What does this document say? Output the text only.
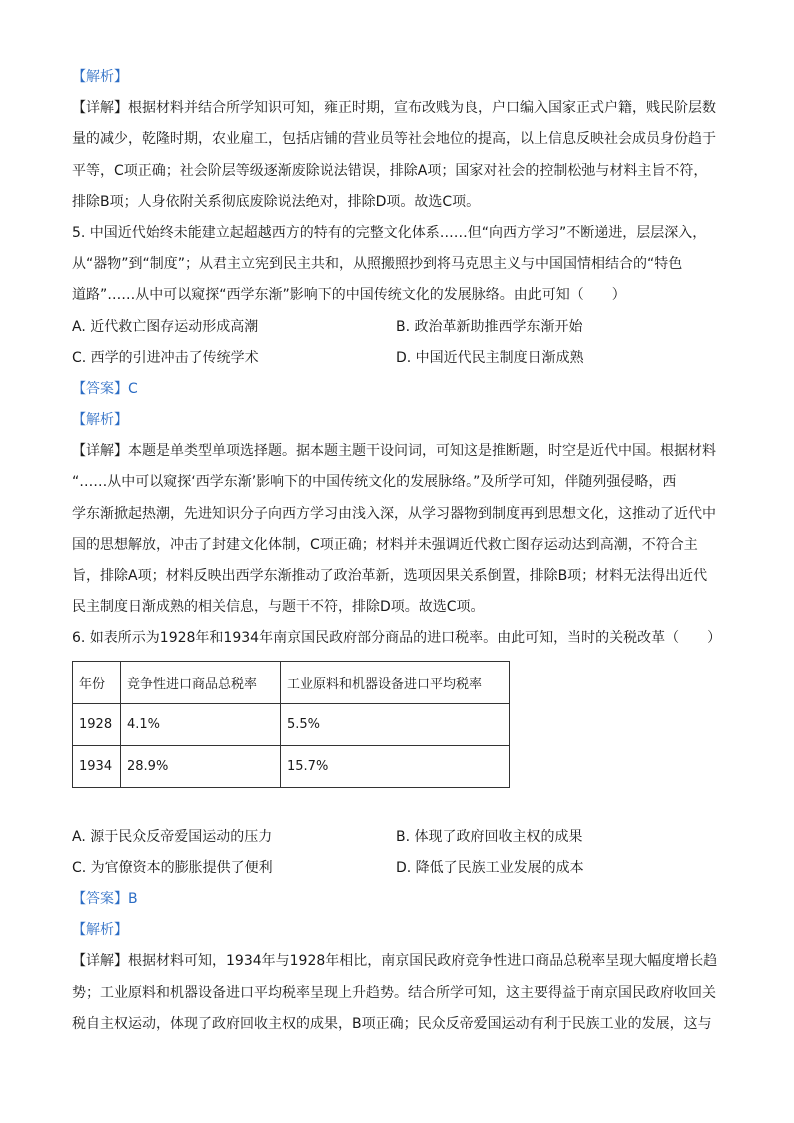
【解析】
【详解】根据材料并结合所学知识可知，雍正时期，宣布改贱为良，户口编入国家正式户籍，贱民阶层数
量的减少，乾隆时期，农业雇工，包括店铺的营业员等社会地位的提高，以上信息反映社会成员身份趋于
平等，C项正确；社会阶层等级逐渐废除说法错误，排除A项；国家对社会的控制松弛与材料主旨不符，
排除B项；人身依附关系彻底废除说法绝对，排除D项。故选C项。
5. 中国近代始终未能建立起超越西方的特有的完整文化体系……但“向西方学习”不断递进，层层深入，
从“器物”到“制度”；从君主立宪到民主共和，从照搬照抄到将马克思主义与中国国情相结合的“特色
道路”……从中可以窥探“西学东渐”影响下的中国传统文化的发展脉络。由此可知（　　）
A. 近代救亡图存运动形成高潮	B. 政治革新助推西学东渐开始
C. 西学的引进冲击了传统学术	D. 中国近代民主制度日渐成熟
【答案】C
【解析】
【详解】本题是单类型单项选择题。据本题主题干设问词，可知这是推断题，时空是近代中国。根据材料
“……从中可以窥探‘西学东渐’影响下的中国传统文化的发展脉络。”及所学可知，伴随列强侵略，西
学东渐掀起热潮，先进知识分子向西方学习由浅入深，从学习器物到制度再到思想文化，这推动了近代中
国的思想解放，冲击了封建文化体制，C项正确；材料并未强调近代救亡图存运动达到高潮，不符合主
旨，排除A项；材料反映出西学东渐推动了政治革新，选项因果关系倒置，排除B项；材料无法得出近代
民主制度日渐成熟的相关信息，与题干不符，排除D项。故选C项。
6. 如表所示为1928年和1934年南京国民政府部分商品的进口税率。由此可知，当时的关税改革（　　）
年份	竞争性进口商品总税率	工业原料和机器设备进口平均税率
1928	4.1%	5.5%
1934	28.9%	15.7%
A. 源于民众反帝爱国运动的压力	B. 体现了政府回收主权的成果
C. 为官僚资本的膨胀提供了便利	D. 降低了民族工业发展的成本
【答案】B
【解析】
【详解】根据材料可知，1934年与1928年相比，南京国民政府竞争性进口商品总税率呈现大幅度增长趋
势；工业原料和机器设备进口平均税率呈现上升趋势。结合所学可知，这主要得益于南京国民政府收回关
税自主权运动，体现了政府回收主权的成果，B项正确；民众反帝爱国运动有利于民族工业的发展，这与
